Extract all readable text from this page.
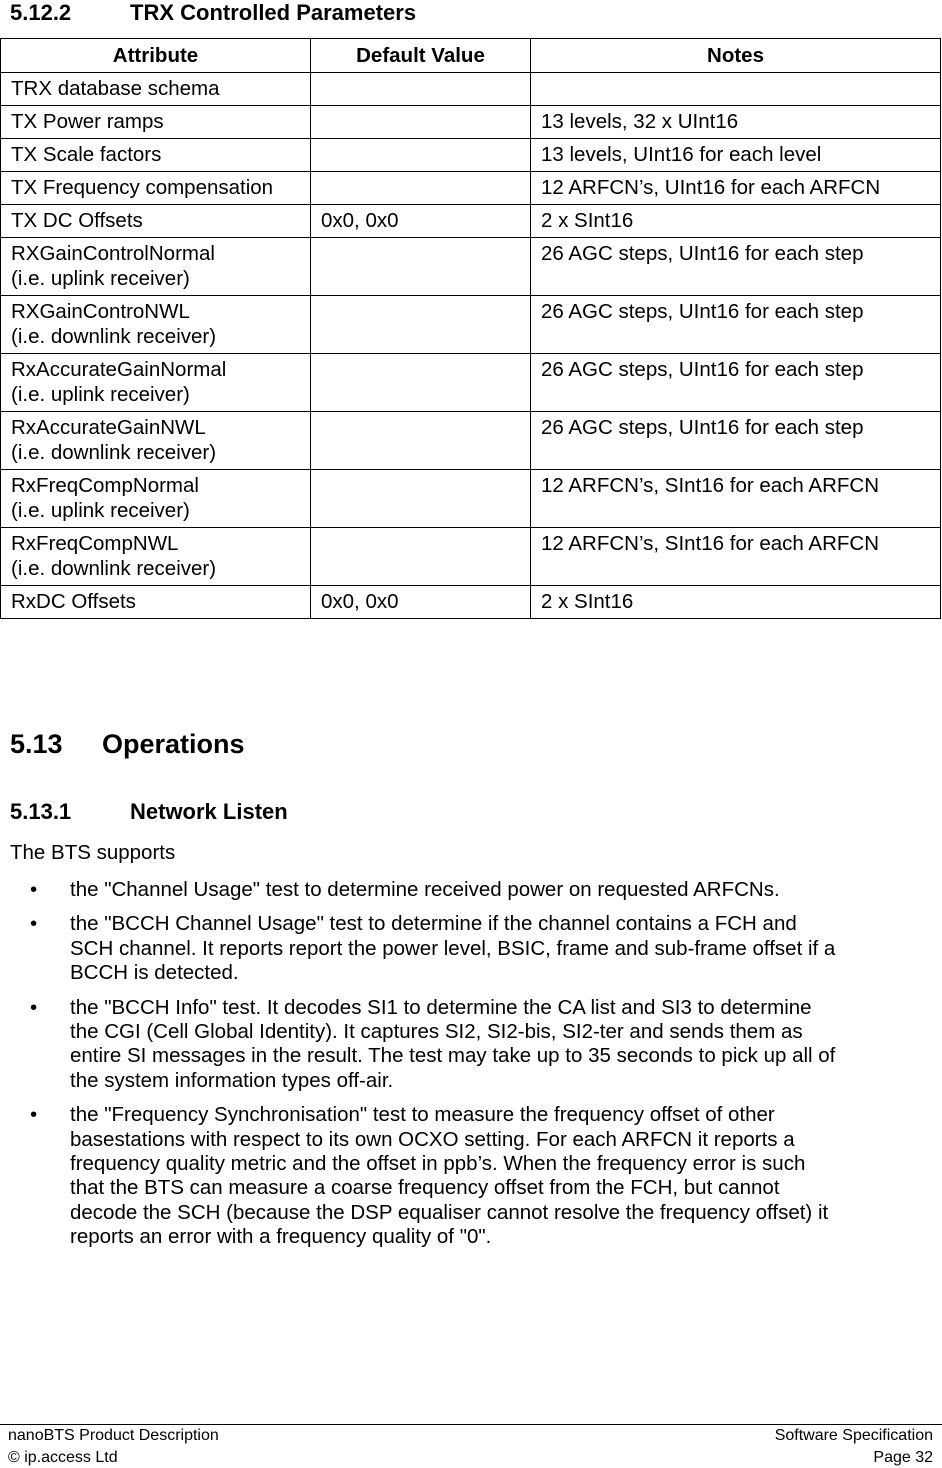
5.12.2	TRX Controlled Parameters
Attribute	Default Value	Notes

TRX database schema		

TX Power ramps		13 levels, 32 x UInt16

TX Scale factors		13 levels, UInt16 for each level

TX Frequency compensation		12 ARFCN’s, UInt16 for each ARFCN

TX DC Offsets	0x0, 0x0	2 x SInt16

RXGainControlNormal
(i.e. uplink receiver)		26 AGC steps, UInt16 for each step

RXGainControNWL
(i.e. downlink receiver)		26 AGC steps, UInt16 for each step

RxAccurateGainNormal
(i.e. uplink receiver)		26 AGC steps, UInt16 for each step

RxAccurateGainNWL
(i.e. downlink receiver)		26 AGC steps, UInt16 for each step

RxFreqCompNormal
(i.e. uplink receiver)		12 ARFCN’s, SInt16 for each ARFCN

RxFreqCompNWL
(i.e. downlink receiver)		12 ARFCN’s, SInt16 for each ARFCN

RxDC Offsets	0x0, 0x0	2 x SInt16
5.13 Operations
5.13.1	Network Listen

The BTS supports

• the "Channel Usage" test to determine received power on requested ARFCNs.
• the "BCCH Channel Usage" test to determine if the channel contains a FCH and
SCH channel. It reports report the power level, BSIC, frame and sub-frame offset if a
BCCH is detected.
• the "BCCH Info" test. It decodes SI1 to determine the CA list and SI3 to determine
the CGI (Cell Global Identity). It captures SI2, SI2-bis, SI2-ter and sends them as
entire SI messages in the result. The test may take up to 35 seconds to pick up all of
the system information types off-air.
• the "Frequency Synchronisation" test to measure the frequency offset of other
basestations with respect to its own OCXO setting. For each ARFCN it reports a
frequency quality metric and the offset in ppb’s. When the frequency error is such
that the BTS can measure a coarse frequency offset from the FCH, but cannot
decode the SCH (because the DSP equaliser cannot resolve the frequency offset) it
reports an error with a frequency quality of "0".
nanoBTS Product Description	Software Specification
© ip.access Ltd	Page 32
